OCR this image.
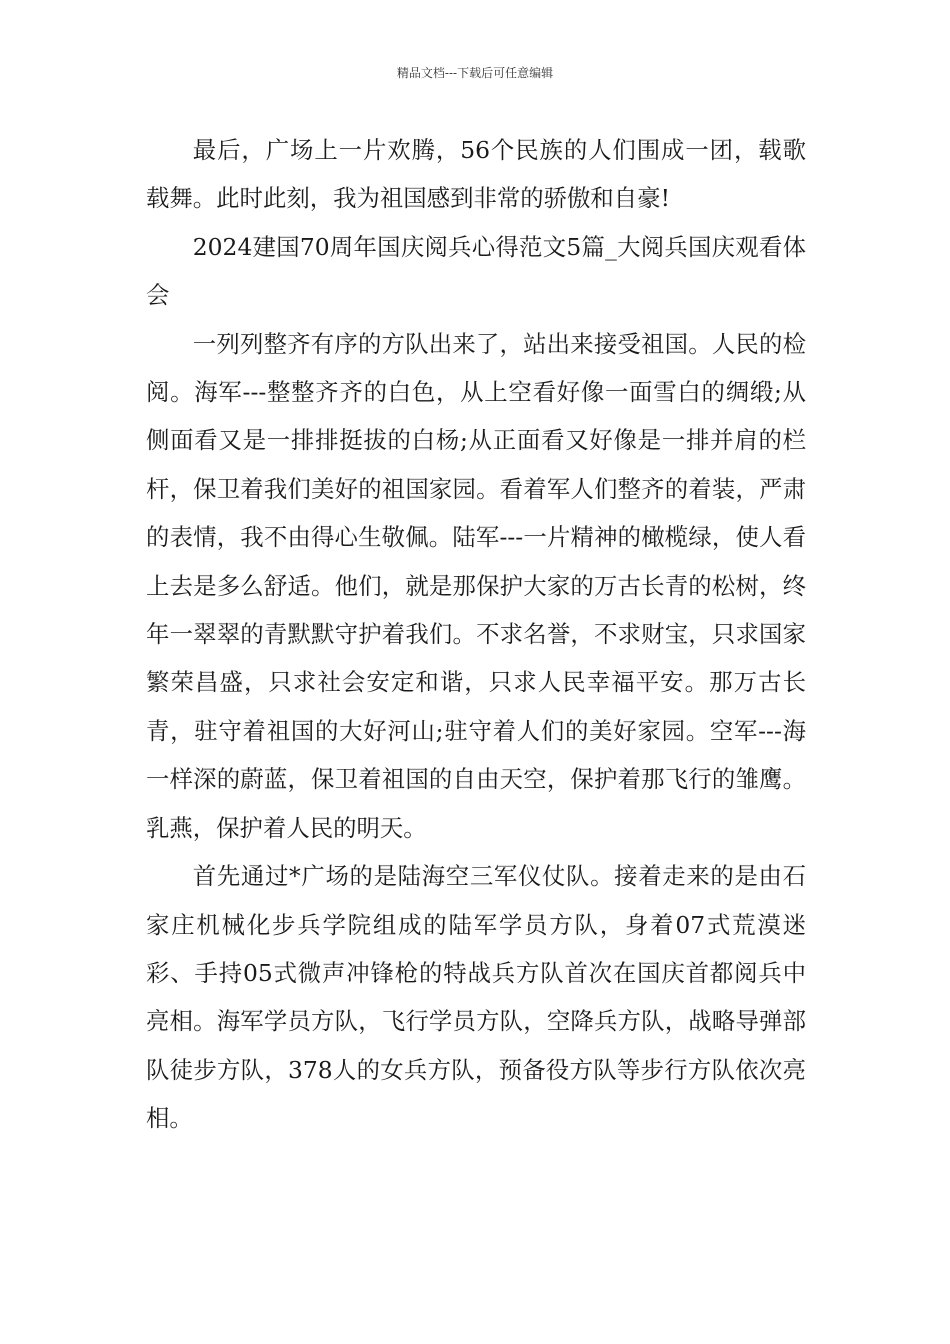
精品文档---下载后可任意编辑

最后，广场上一片欢腾，56个民族的人们围成一团，载歌载舞。此时此刻，我为祖国感到非常的骄傲和自豪!

2024建国70周年国庆阅兵心得范文5篇_大阅兵国庆观看体会

一列列整齐有序的方队出来了，站出来接受祖国。人民的检阅。海军---整整齐齐的白色，从上空看好像一面雪白的绸缎;从侧面看又是一排排挺拔的白杨;从正面看又好像是一排并肩的栏杆，保卫着我们美好的祖国家园。看着军人们整齐的着装，严肃的表情，我不由得心生敬佩。陆军---一片精神的橄榄绿，使人看上去是多么舒适。他们，就是那保护大家的万古长青的松树，终年一翠翠的青默默守护着我们。不求名誉，不求财宝，只求国家繁荣昌盛，只求社会安定和谐，只求人民幸福平安。那万古长青，驻守着祖国的大好河山;驻守着人们的美好家园。空军---海一样深的蔚蓝，保卫着祖国的自由天空，保护着那飞行的雏鹰。乳燕，保护着人民的明天。

首先通过*广场的是陆海空三军仪仗队。接着走来的是由石家庄机械化步兵学院组成的陆军学员方队，身着07式荒漠迷彩、手持05式微声冲锋枪的特战兵方队首次在国庆首都阅兵中亮相。海军学员方队，飞行学员方队，空降兵方队，战略导弹部队徒步方队，378人的女兵方队，预备役方队等步行方队依次亮相。
